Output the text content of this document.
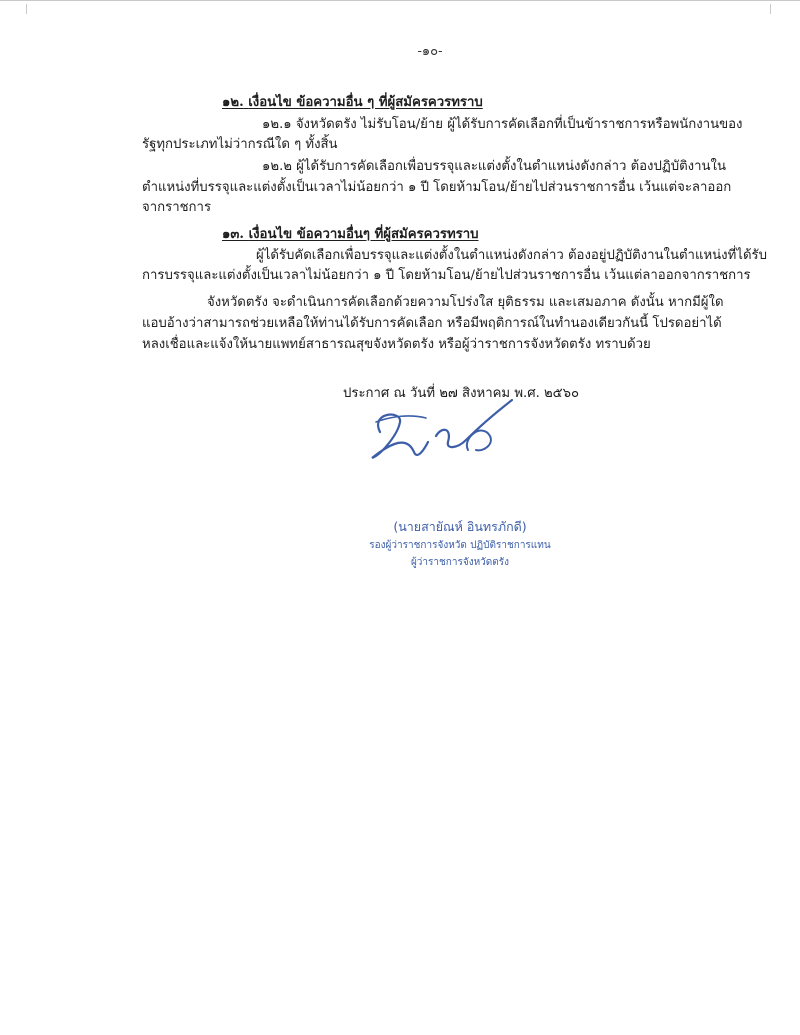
-๑๐-
๑๒. เงื่อนไข ข้อความอื่น ๆ ที่ผู้สมัครควรทราบ
๑๒.๑ จังหวัดตรัง ไม่รับโอน/ย้าย ผู้ได้รับการคัดเลือกที่เป็นข้าราชการหรือพนักงานของ
รัฐทุกประเภทไม่ว่ากรณีใด ๆ ทั้งสิ้น
๑๒.๒ ผู้ได้รับการคัดเลือกเพื่อบรรจุและแต่งตั้งในตำแหน่งดังกล่าว ต้องปฏิบัติงานใน
ตำแหน่งที่บรรจุและแต่งตั้งเป็นเวลาไม่น้อยกว่า ๑ ปี โดยห้ามโอน/ย้ายไปส่วนราชการอื่น เว้นแต่จะลาออก
จากราชการ
๑๓. เงื่อนไข ข้อความอื่นๆ ที่ผู้สมัครควรทราบ
ผู้ได้รับคัดเลือกเพื่อบรรจุและแต่งตั้งในตำแหน่งดังกล่าว ต้องอยู่ปฏิบัติงานในตำแหน่งที่ได้รับ
การบรรจุและแต่งตั้งเป็นเวลาไม่น้อยกว่า ๑ ปี โดยห้ามโอน/ย้ายไปส่วนราชการอื่น เว้นแต่ลาออกจากราชการ
จังหวัดตรัง จะดำเนินการคัดเลือกด้วยความโปร่งใส ยุติธรรม และเสมอภาค ดังนั้น หากมีผู้ใด
แอบอ้างว่าสามารถช่วยเหลือให้ท่านได้รับการคัดเลือก หรือมีพฤติการณ์ในทำนองเดียวกันนี้ โปรดอย่าได้
หลงเชื่อและแจ้งให้นายแพทย์สาธารณสุขจังหวัดตรัง หรือผู้ว่าราชการจังหวัดตรัง ทราบด้วย
ประกาศ ณ วันที่ ๒๗ สิงหาคม พ.ศ. ๒๕๖๐
(นายสายัณห์ อินทรภักดี)
รองผู้ว่าราชการจังหวัด ปฏิบัติราชการแทน
ผู้ว่าราชการจังหวัดตรัง
